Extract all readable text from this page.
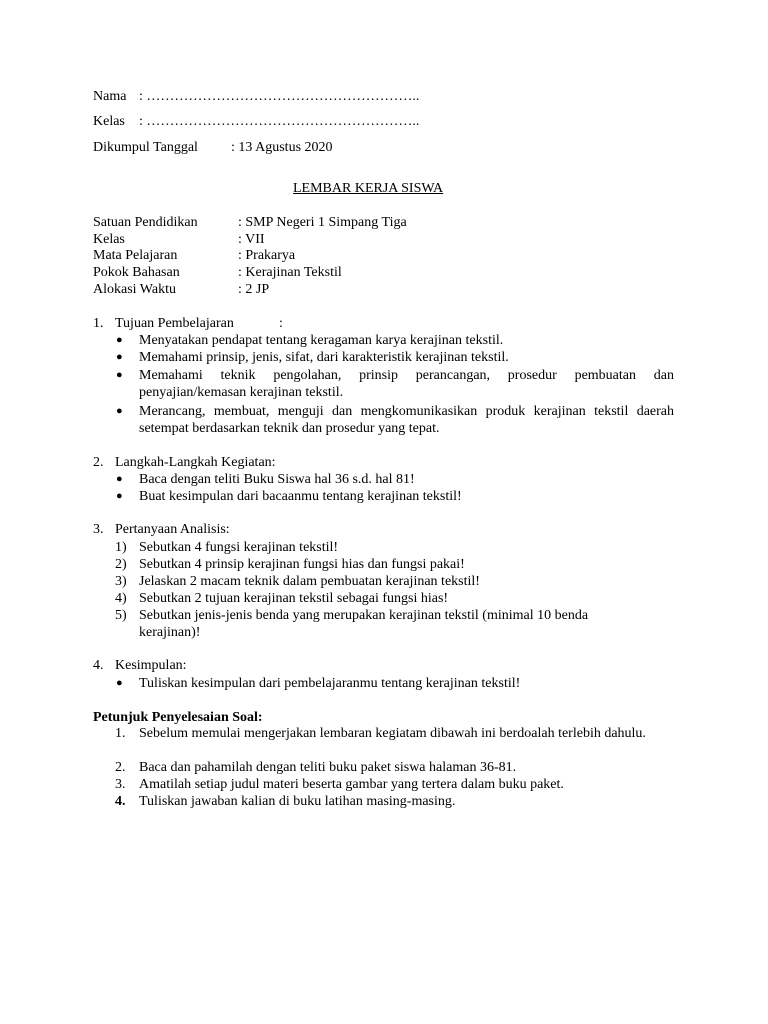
Nama : …………………………………………………..
Kelas : …………………………………………………..
Dikumpul Tanggal : 13 Agustus 2020
LEMBAR KERJA SISWA
Satuan Pendidikan	: SMP Negeri 1 Simpang Tiga
Kelas	: VII
Mata Pelajaran	: Prakarya
Pokok Bahasan	: Kerajinan Tekstil
Alokasi Waktu	: 2 JP
1. Tujuan Pembelajaran	:
● Menyatakan pendapat tentang keragaman karya kerajinan tekstil.
● Memahami prinsip, jenis, sifat, dari karakteristik kerajinan tekstil.
● Memahami teknik pengolahan, prinsip perancangan, prosedur pembuatan dan penyajian/kemasan kerajinan tekstil.
● Merancang, membuat, menguji dan mengkomunikasikan produk kerajinan tekstil daerah setempat berdasarkan teknik dan prosedur yang tepat.
2. Langkah-Langkah Kegiatan:
● Baca dengan teliti Buku Siswa hal 36 s.d. hal 81!
● Buat kesimpulan dari bacaanmu tentang kerajinan tekstil!
3. Pertanyaan Analisis:
1) Sebutkan 4 fungsi kerajinan tekstil!
2) Sebutkan 4 prinsip kerajinan fungsi hias dan fungsi pakai!
3) Jelaskan 2 macam teknik dalam pembuatan kerajinan tekstil!
4) Sebutkan 2 tujuan kerajinan tekstil sebagai fungsi hias!
5) Sebutkan jenis-jenis benda yang merupakan kerajinan tekstil (minimal 10 benda
kerajinan)!
4. Kesimpulan:
● Tuliskan kesimpulan dari pembelajaranmu tentang kerajinan tekstil!
Petunjuk Penyelesaian Soal:
1. Sebelum memulai mengerjakan lembaran kegiatam dibawah ini berdoalah terlebih dahulu.
2. Baca dan pahamilah dengan teliti buku paket siswa halaman 36-81.
3. Amatilah setiap judul materi beserta gambar yang tertera dalam buku paket.
4. Tuliskan jawaban kalian di buku latihan masing-masing.
